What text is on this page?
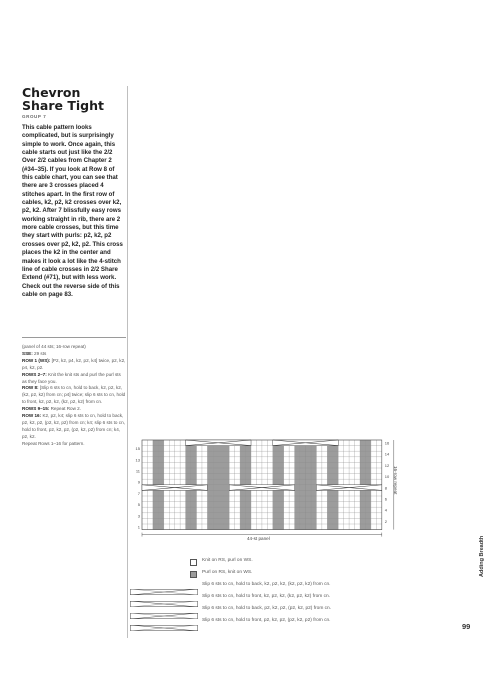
Chevron
Share Tight
GROUP 7
This cable pattern looks complicated, but is surprisingly simple to work. Once again, this cable starts out just like the 2/2 Over 2/2 cables from Chapter 2 (#34–35). If you look at Row 8 of this cable chart, you can see that there are 3 crosses placed 4 stitches apart. In the first row of cables, k2, p2, k2 crosses over k2, p2, k2. After 7 blissfully easy rows working straight in rib, there are 2 more cable crosses, but this time they start with purls: p2, k2, p2 crosses over p2, k2, p2. This cross places the k2 in the center and makes it look a lot like the 4-stitch line of cable crosses in 2/2 Share Extend (#71), but with less work. Check out the reverse side of this cable on page 83.

(panel of 44 sts; 16-row repeat)

SSE: 29 sts

ROW 1 (WS): [P2, k2, p4, k2, p2, k4] twice, p2, k2, p4, k2, p2.

ROWS 2–7: Knit the knit sts and purl the purl sts as they face you.

ROW 8: [Slip 6 sts to cn, hold to back, k2, p2, k2, (k2, p2, k2) from cn; p4] twice; slip 6 sts to cn, hold to front, k2, p2, k2, (k2, p2, k2) from cn.

ROWS 9–15: Repeat Row 2.

ROW 16: K2, p2, k4; slip 6 sts to cn, hold to back, p2, k2, p2, (p2, k2, p2) from cn; k4; slip 6 sts to cn, hold to front, p2, k2, p2, (p2, k2, p2) from cn; k4, p2, k2.

Repeat Rows 1–16 for pattern.	16
14
12
10
8
6
4
2
15
13
11
9
7
5
3
1
44-st panel
16-row repeat
Knit on RS, purl on WS.
Purl on RS, knit on WS.
Slip 6 sts to cn, hold to back, k2, p2, k2, (k2, p2, k2) from cn.
Slip 6 sts to cn, hold to front, k2, p2, k2, (k2, p2, k2) from cn.
Slip 6 sts to cn, hold to back, p2, k2, p2, (p2, k2, p2) from cn.
Slip 6 sts to cn, hold to front, p2, k2, p2, (p2, k2, p2) from cn.
Adding Breadth
99
